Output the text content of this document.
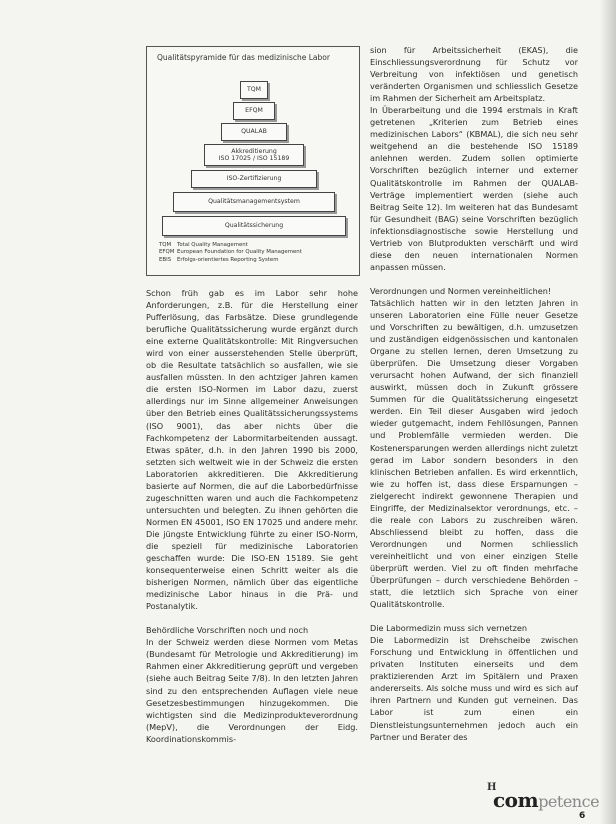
Qualitätspyramide für das medizinische Labor
TQM Total Quality Management
EFQM European Foundation for Quality Management
EBIS Erfolgs-orientiertes Reporting System
TQM
EFQM
QUALAB
Akkreditierung
ISO 17025 / ISO 15189
ISO-Zertifizierung
Qualitätsmanagementsystem
Qualitätssicherung

Schon früh gab es im Labor sehr hohe Anforderungen, z.B. für die Herstellung einer Pufferlösung, das Farbsätze. Diese grundlegende berufliche Qualitätssicherung wurde ergänzt durch eine externe Qualitätskontrolle: Mit Ringversuchen wird von einer ausserstehenden Stelle überprüft, ob die Resultate tatsächlich so ausfallen, wie sie ausfallen müssten. In den achtziger Jahren kamen die ersten ISO-Normen im Labor dazu, zuerst allerdings nur im Sinne allgemeiner Anweisungen über den Betrieb eines Qualitätssicherungssystems (ISO 9001), das aber nichts über die Fachkompetenz der Labormitarbeitenden aussagt. Etwas später, d.h. in den Jahren 1990 bis 2000, setzten sich weltweit wie in der Schweiz die ersten Laboratorien akkreditieren. Die Akkreditierung basierte auf Normen, die auf die Laborbedürfnisse zugeschnitten waren und auch die Fachkompetenz untersuchten und belegten. Zu ihnen gehörten die Normen EN 45001, ISO EN 17025 und andere mehr. Die jüngste Entwicklung führte zu einer ISO-Norm, die speziell für medizinische Laboratorien geschaffen wurde: Die ISO-EN 15189. Sie geht konsequenterweise einen Schritt weiter als die bisherigen Normen, nämlich über das eigentliche medizinische Labor hinaus in die Prä- und Postanalytik.

Behördliche Vorschriften noch und noch

In der Schweiz werden diese Normen vom Metas (Bundesamt für Metrologie und Akkreditierung) im Rahmen einer Akkreditierung geprüft und vergeben (siehe auch Beitrag Seite 7/8). In den letzten Jahren sind zu den entsprechenden Auflagen viele neue Gesetzesbestimmungen hinzugekommen. Die wichtigsten sind die Medizinprodukteverordnung (MepV), die Verordnungen der Eidg. Koordinationskommis-

sion für Arbeitssicherheit (EKAS), die Einschliessungsverordnung für Schutz vor Verbreitung von infektiösen und genetisch veränderten Organismen und schliesslich Gesetze im Rahmen der Sicherheit am Arbeitsplatz.

In Überarbeitung und die 1994 erstmals in Kraft getretenen „Kriterien zum Betrieb eines medizinischen Labors“ (KBMAL), die sich neu sehr weitgehend an die bestehende ISO 15189 anlehnen werden. Zudem sollen optimierte Vorschriften bezüglich interner und externer Qualitätskontrolle im Rahmen der QUALAB-Verträge implementiert werden (siehe auch Beitrag Seite 12). Im weiteren hat das Bundesamt für Gesundheit (BAG) seine Vorschriften bezüglich infektionsdiagnostische sowie Herstellung und Vertrieb von Blutprodukten verschärft und wird diese den neuen internationalen Normen anpassen müssen.

Verordnungen und Normen vereinheitlichen!

Tatsächlich hatten wir in den letzten Jahren in unseren Laboratorien eine Fülle neuer Gesetze und Vorschriften zu bewältigen, d.h. umzusetzen und zuständigen eidgenössischen und kantonalen Organe zu stellen lernen, deren Umsetzung zu überprüfen. Die Umsetzung dieser Vorgaben verursacht hohen Aufwand, der sich finanziell auswirkt, müssen doch in Zukunft grössere Summen für die Qualitätssicherung eingesetzt werden. Ein Teil dieser Ausgaben wird jedoch wieder gutgemacht, indem Fehllösungen, Pannen und Problemfälle vermieden werden. Die Kostenersparungen werden allerdings nicht zuletzt gerad im Labor sondern besonders in den klinischen Betrieben anfallen. Es wird erkenntlich, wie zu hoffen ist, dass diese Ersparnungen – zielgerecht indirekt gewonnene Therapien und Eingriffe, der Medizinalsektor verordnungs, etc. – die reale con Labors zu zuschreiben wären. Abschliessend bleibt zu hoffen, dass die Verordnungen und Normen schliesslich vereinheitlicht und von einer einzigen Stelle überprüft werden. Viel zu oft finden mehrfache Überprüfungen – durch verschiedene Behörden – statt, die letztlich sich Sprache von einer Qualitätskontrolle.

Die Labormedizin muss sich vernetzen

Die Labormedizin ist Drehscheibe zwischen Forschung und Entwicklung in öffentlichen und privaten Instituten einerseits und dem praktizierenden Arzt im Spitälern und Praxen andererseits. Als solche muss und wird es sich auf ihren Partnern und Kunden gut verneinen. Das Labor ist zum einen ein Dienstleistungsunternehmen jedoch auch ein Partner und Berater des

H
competence
6
